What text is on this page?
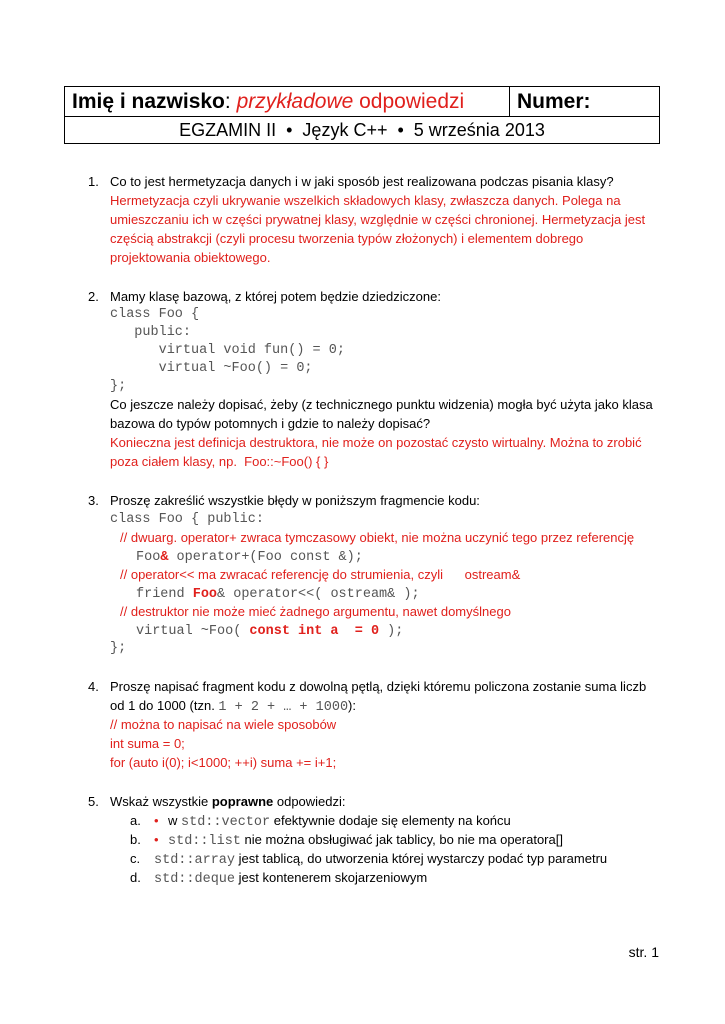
Imię i nazwisko: przykładowe odpowiedzi	Numer:
EGZAMIN II  •  Język C++  •  5 września 2013
1. Co to jest hermetyzacja danych i w jaki sposób jest realizowana podczas pisania klasy?
Hermetyzacja czyli ukrywanie wszelkich składowych klasy, zwłaszcza danych. Polega na
umieszczaniu ich w części prywatnej klasy, względnie w części chronionej. Hermetyzacja jest
częścią abstrakcji (czyli procesu tworzenia typów złożonych) i elementem dobrego
projektowania obiektowego.
2. Mamy klasę bazową, z której potem będzie dziedziczone:
class Foo {
public:
virtual void fun() = 0;
virtual ~Foo() = 0;
};
Co jeszcze należy dopisać, żeby (z technicznego punktu widzenia) mogła być użyta jako klasa
bazowa do typów potomnych i gdzie to należy dopisać?
Konieczna jest definicja destruktora, nie może on pozostać czysto wirtualny. Można to zrobić
poza ciałem klasy, np.  Foo::~Foo() { }
3. Proszę zakreślić wszystkie błędy w poniższym fragmencie kodu:
class Foo { public:
// dwuarg. operator+ zwraca tymczasowy obiekt, nie można uczynić tego przez referencję
Foo& operator+(Foo const &);
// operator<< ma zwracać referencję do strumienia, czyli      ostream&
friend Foo& operator<<( ostream& );
// destruktor nie może mieć żadnego argumentu, nawet domyślnego
virtual ~Foo( const int a  = 0 );
};
4. Proszę napisać fragment kodu z dowolną pętlą, dzięki któremu policzona zostanie suma liczb
od 1 do 1000 (tzn. 1 + 2 + … + 1000):
// można to napisać na wiele sposobów
int suma = 0;
for (auto i(0); i<1000; ++i) suma += i+1;
5. Wskaż wszystkie poprawne odpowiedzi:
a. • w std::vector efektywnie dodaje się elementy na końcu
b. • std::list nie można obsługiwać jak tablicy, bo nie ma operatora[]
c. std::array jest tablicą, do utworzenia której wystarczy podać typ parametru
d. std::deque jest kontenerem skojarzeniowym
str. 1
